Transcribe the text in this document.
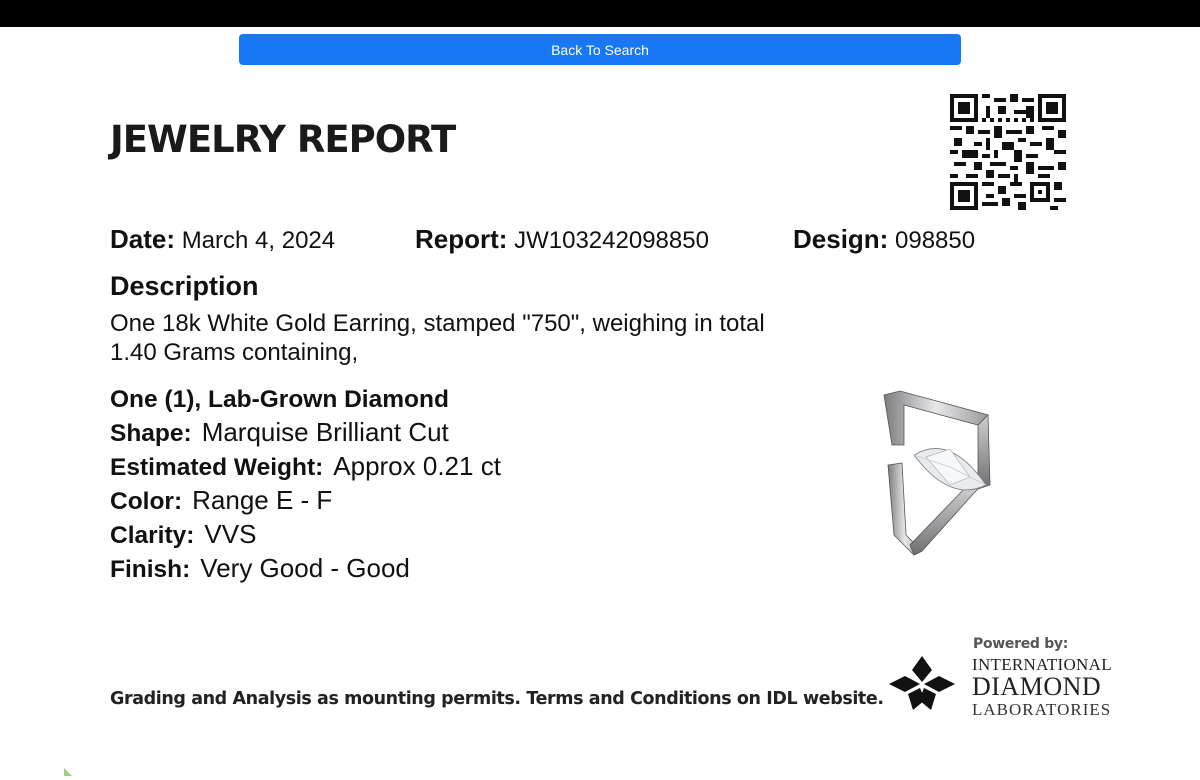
Back To Search
JEWELRY REPORT
Date: March 4, 2024	Report: JW103242098850	Design: 098850
Description
One 18k White Gold Earring, stamped "750", weighing in total 1.40 Grams containing,
One (1), Lab-Grown Diamond
Shape: Marquise Brilliant Cut
Estimated Weight: Approx 0.21 ct
Color: Range E - F
Clarity: VVS
Finish: Very Good - Good
Grading and Analysis as mounting permits. Terms and Conditions on IDL website.
Powered by:
INTERNATIONAL
DIAMOND
LABORATORIES
